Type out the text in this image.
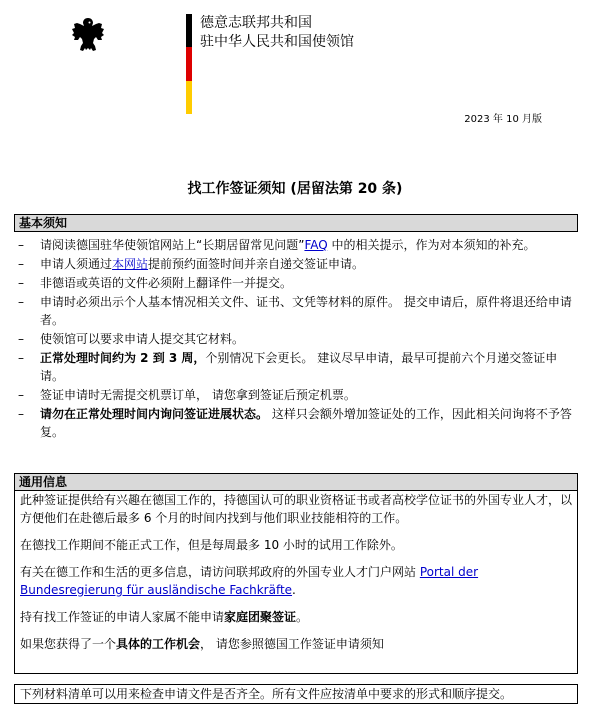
德意志联邦共和国
驻中华人民共和国使领馆
2023 年 10 月版
找工作签证须知 (居留法第 20 条)
基本须知
– 请阅读德国驻华使领馆网站上“长期居留常见问题”FAQ 中的相关提示，作为对本须知的补充。
– 申请人须通过本网站提前预约面签时间并亲自递交签证申请。
– 非德语或英语的文件必须附上翻译件一并提交。
– 申请时必须出示个人基本情况相关文件、证书、文凭等材料的原件。 提交申请后，原件将退还给申请者。
– 使领馆可以要求申请人提交其它材料。
– 正常处理时间约为 2 到 3 周，个别情况下会更长。 建议尽早申请，最早可提前六个月递交签证申请。
– 签证申请时无需提交机票订单， 请您拿到签证后预定机票。
– 请勿在正常处理时间内询问签证进展状态。 这样只会额外增加签证处的工作，因此相关问询将不予答复。
通用信息

此种签证提供给有兴趣在德国工作的，持德国认可的职业资格证书或者高校学位证书的外国专业人才，以方便他们在赴德后最多 6 个月的时间内找到与他们职业技能相符的工作。

在德找工作期间不能正式工作，但是每周最多 10 小时的试用工作除外。

有关在德工作和生活的更多信息，请访问联邦政府的外国专业人才门户网站 Portal der Bundesregierung für ausländische Fachkräfte.

持有找工作签证的申请人家属不能申请家庭团聚签证。

如果您获得了一个具体的工作机会， 请您参照德国工作签证申请须知

下列材料清单可以用来检查申请文件是否齐全。所有文件应按清单中要求的形式和顺序提交。
